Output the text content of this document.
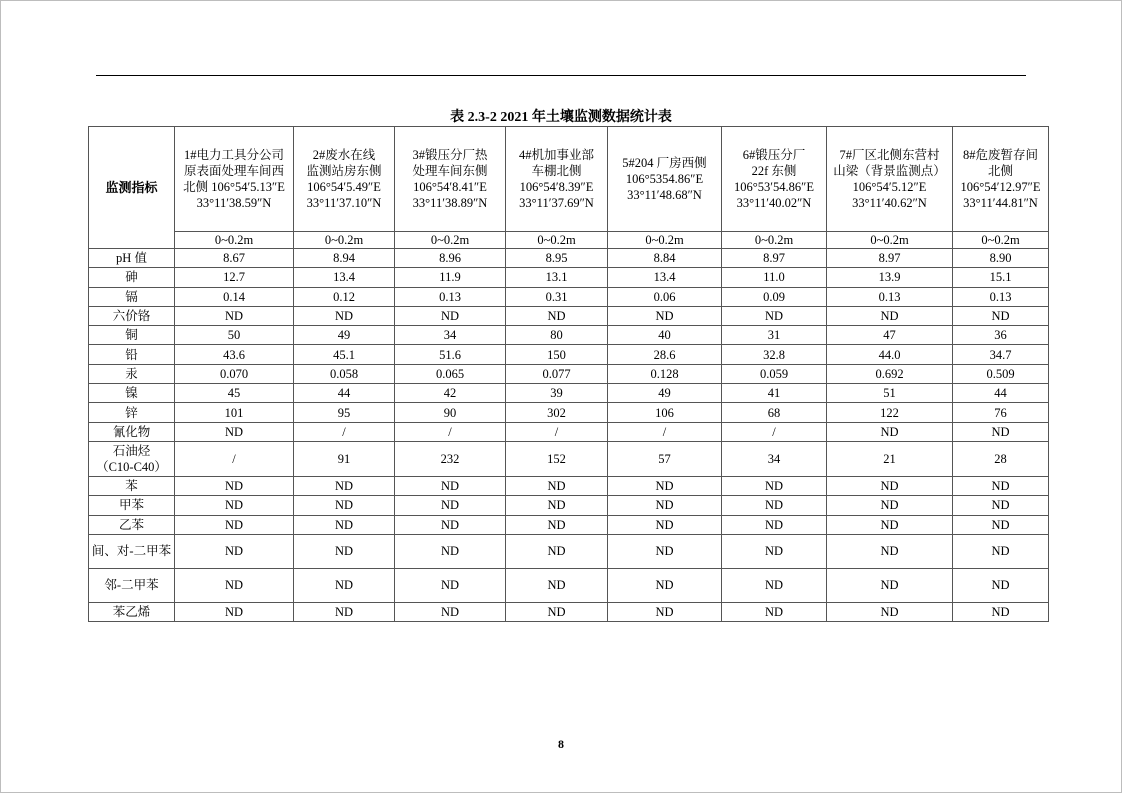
表 2.3-2 2021 年土壤监测数据统计表
监测指标	1#电力工具分公司
原表面处理车间西
北侧 106°54′5.13″E
33°11′38.59″N	2#废水在线
监测站房东侧
106°54′5.49″E
33°11′37.10″N	3#锻压分厂热
处理车间东侧
106°54′8.41″E
33°11′38.89″N	4#机加事业部
车棚北侧
106°54′8.39″E
33°11′37.69″N	5#204 厂房西侧
106°5354.86″E
33°11′48.68″N	6#锻压分厂
22f 东侧
106°53′54.86″E
33°11′40.02″N	7#厂区北侧东营村
山梁（背景监测点）
106°54′5.12″E
33°11′40.62″N	8#危废暂存间
北侧
106°54′12.97″E
33°11′44.81″N
	0~0.2m	0~0.2m	0~0.2m	0~0.2m	0~0.2m	0~0.2m	0~0.2m	0~0.2m
pH 值	8.67	8.94	8.96	8.95	8.84	8.97	8.97	8.90
砷	12.7	13.4	11.9	13.1	13.4	11.0	13.9	15.1
镉	0.14	0.12	0.13	0.31	0.06	0.09	0.13	0.13
六价铬	ND	ND	ND	ND	ND	ND	ND	ND
铜	50	49	34	80	40	31	47	36
铅	43.6	45.1	51.6	150	28.6	32.8	44.0	34.7
汞	0.070	0.058	0.065	0.077	0.128	0.059	0.692	0.509
镍	45	44	42	39	49	41	51	44
锌	101	95	90	302	106	68	122	76
氰化物	ND	/	/	/	/	/	ND	ND
石油烃
（C10-C40）	/	91	232	152	57	34	21	28
苯	ND	ND	ND	ND	ND	ND	ND	ND
甲苯	ND	ND	ND	ND	ND	ND	ND	ND
乙苯	ND	ND	ND	ND	ND	ND	ND	ND
间、对-二甲苯	ND	ND	ND	ND	ND	ND	ND	ND
邻-二甲苯	ND	ND	ND	ND	ND	ND	ND	ND
苯乙烯	ND	ND	ND	ND	ND	ND	ND	ND
8
